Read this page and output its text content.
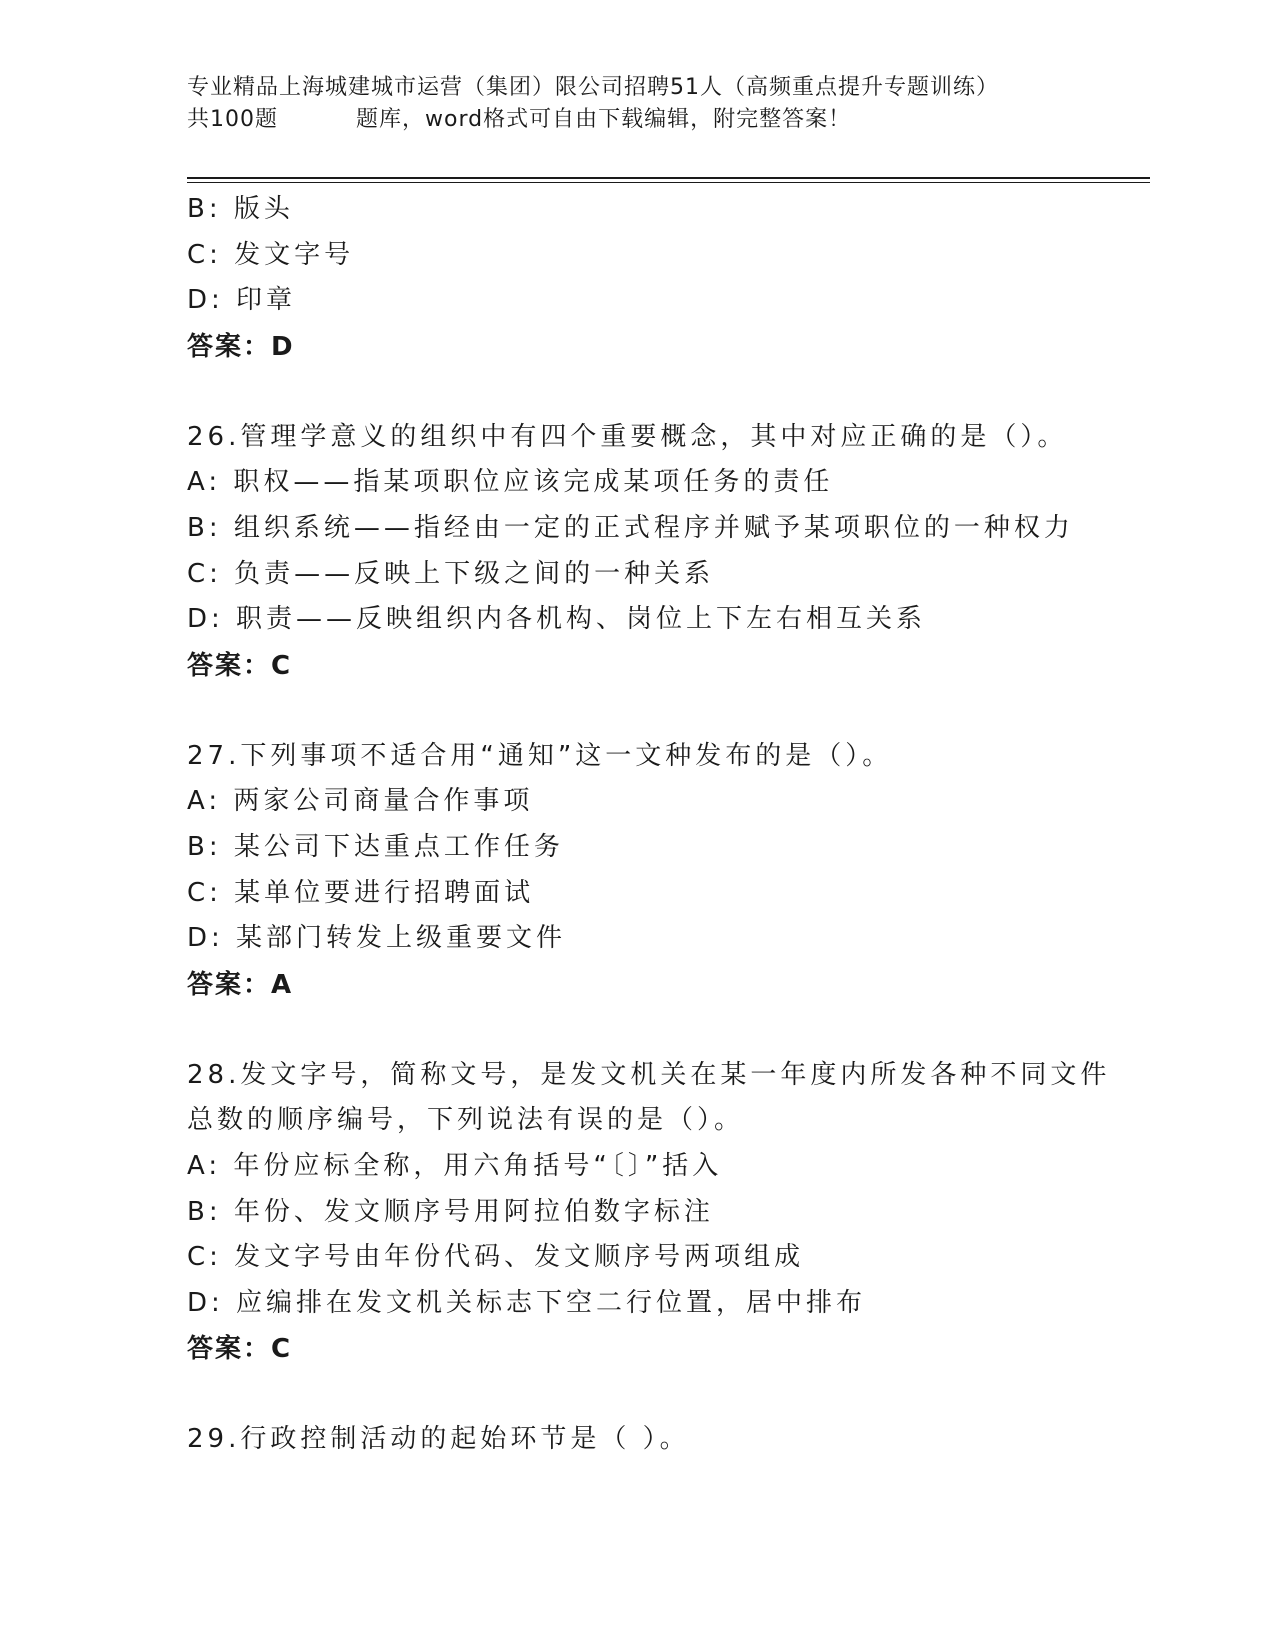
专业精品上海城建城市运营（集团）限公司招聘51人（高频重点提升专题训练）
共100题	题库，word格式可自由下载编辑，附完整答案！
B: 版头
C: 发文字号
D: 印章
答案：D
26.管理学意义的组织中有四个重要概念，其中对应正确的是（）。
A: 职权——指某项职位应该完成某项任务的责任
B: 组织系统——指经由一定的正式程序并赋予某项职位的一种权力
C: 负责——反映上下级之间的一种关系
D: 职责——反映组织内各机构、岗位上下左右相互关系
答案：C
27.下列事项不适合用“通知”这一文种发布的是（）。
A: 两家公司商量合作事项
B: 某公司下达重点工作任务
C: 某单位要进行招聘面试
D: 某部门转发上级重要文件
答案：A
28.发文字号，简称文号，是发文机关在某一年度内所发各种不同文件
总数的顺序编号，下列说法有误的是（）。
A: 年份应标全称，用六角括号“〔〕”括入
B: 年份、发文顺序号用阿拉伯数字标注
C: 发文字号由年份代码、发文顺序号两项组成
D: 应编排在发文机关标志下空二行位置，居中排布
答案：C
29.行政控制活动的起始环节是（ ）。
